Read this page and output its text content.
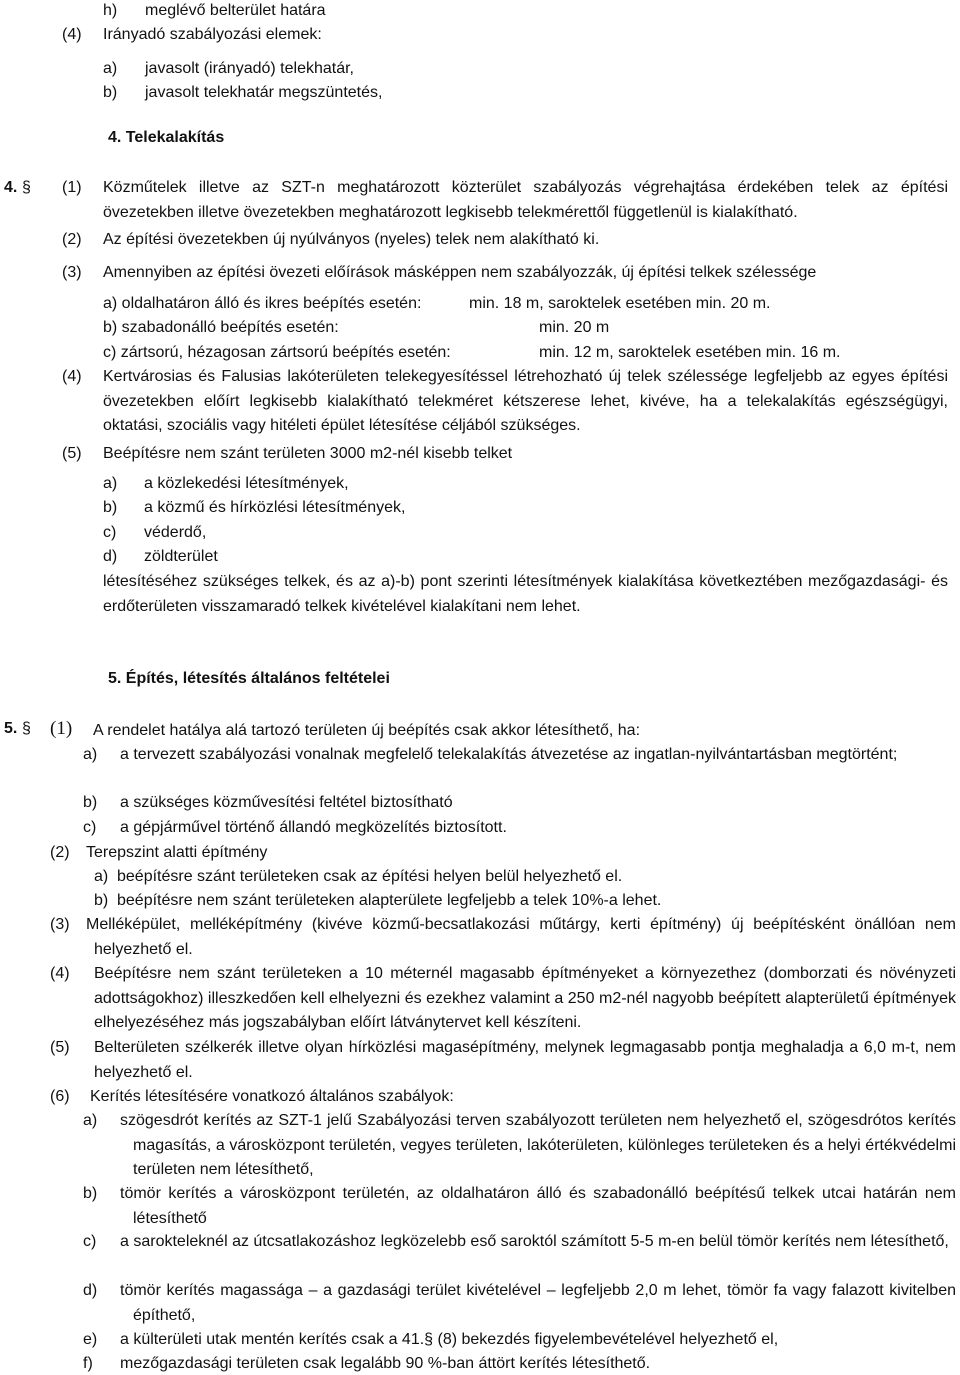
h) meglévő belterület határa
(4) Irányadó szabályozási elemek:
a) javasolt (irányadó) telekhatár,
b) javasolt telekhatár megszüntetés,
4. Telekalakítás
4. § (1) Közműtelek illetve az SZT-n meghatározott közterület szabályozás végrehajtása érdekében telek az építési övezetekben illetve övezetekben meghatározott legkisebb telekmérettől függetlenül is kialakítható.
(2) Az építési övezetekben új nyúlványos (nyeles) telek nem alakítható ki.
(3) Amennyiben az építési övezeti előírások másképpen nem szabályozzák, új építési telkek szélessége
a) oldalhatáron álló és ikres beépítés esetén:	min. 18 m, saroktelek esetében min. 20 m.
b) szabadonálló beépítés esetén:	min. 20 m
c) zártsorú, hézagosan zártsorú beépítés esetén:	min. 12 m, saroktelek esetében min. 16 m.
(4) Kertvárosias és Falusias lakóterületen telekegyesítéssel létrehozható új telek szélessége legfeljebb az egyes építési övezetekben előírt legkisebb kialakítható telekméret kétszerese lehet, kivéve, ha a telekalakítás egészségügyi, oktatási, szociális vagy hitéleti épület létesítése céljából szükséges.
(5) Beépítésre nem szánt területen 3000 m2-nél kisebb telket
a) a közlekedési létesítmények,
b) a közmű és hírközlési létesítmények,
c) véderdő,
d) zöldterület
létesítéséhez szükséges telkek, és az a)-b) pont szerinti létesítmények kialakítása következtében mezőgazdasági- és erdőterületen visszamaradó telkek kivételével kialakítani nem lehet.
5. Építés, létesítés általános feltételei
5. § (1) A rendelet hatálya alá tartozó területen új beépítés csak akkor létesíthető, ha:
a) a tervezett szabályozási vonalnak megfelelő telekalakítás átvezetése az ingatlan-nyilvántartásban megtörtént;
b) a szükséges közművesítési feltétel biztosítható
c) a gépjárművel történő állandó megközelítés biztosított.
(2) Terepszint alatti építmény
a) beépítésre szánt területeken csak az építési helyen belül helyezhető el.
b) beépítésre nem szánt területeken alapterülete legfeljebb a telek 10%-a lehet.
(3) Melléképület, melléképítmény (kivéve közmű-becsatlakozási műtárgy, kerti építmény) új beépítésként önállóan nem helyezhető el.
(4) Beépítésre nem szánt területeken a 10 méternél magasabb építményeket a környezethez (domborzati és növényzeti adottságokhoz) illeszkedően kell elhelyezni és ezekhez valamint a 250 m2-nél nagyobb beépített alapterületű építmények elhelyezéséhez más jogszabályban előírt látványtervet kell készíteni.
(5) Belterületen szélkerék illetve olyan hírközlési magasépítmény, melynek legmagasabb pontja meghaladja a 6,0 m-t, nem helyezhető el.
(6) Kerítés létesítésére vonatkozó általános szabályok:
a) szögesdrót kerítés az SZT-1 jelű Szabályozási terven szabályozott területen nem helyezhető el, szögesdrótos kerítés magasítás, a városközpont területén, vegyes területen, lakóterületen, különleges területeken és a helyi értékvédelmi területen nem létesíthető,
b) tömör kerítés a városközpont területén, az oldalhatáron álló és szabadonálló beépítésű telkek utcai határán nem létesíthető
c) a sarokteleknél az útcsatlakozáshoz legközelebb eső saroktól számított 5-5 m-en belül tömör kerítés nem létesíthető,
d) tömör kerítés magassága – a gazdasági terület kivételével – legfeljebb 2,0 m lehet, tömör fa vagy falazott kivitelben építhető,
e) a külterületi utak mentén kerítés csak a 41.§ (8) bekezdés figyelembevételével helyezhető el,
f) mezőgazdasági területen csak legalább 90 %-ban áttört kerítés létesíthető.
